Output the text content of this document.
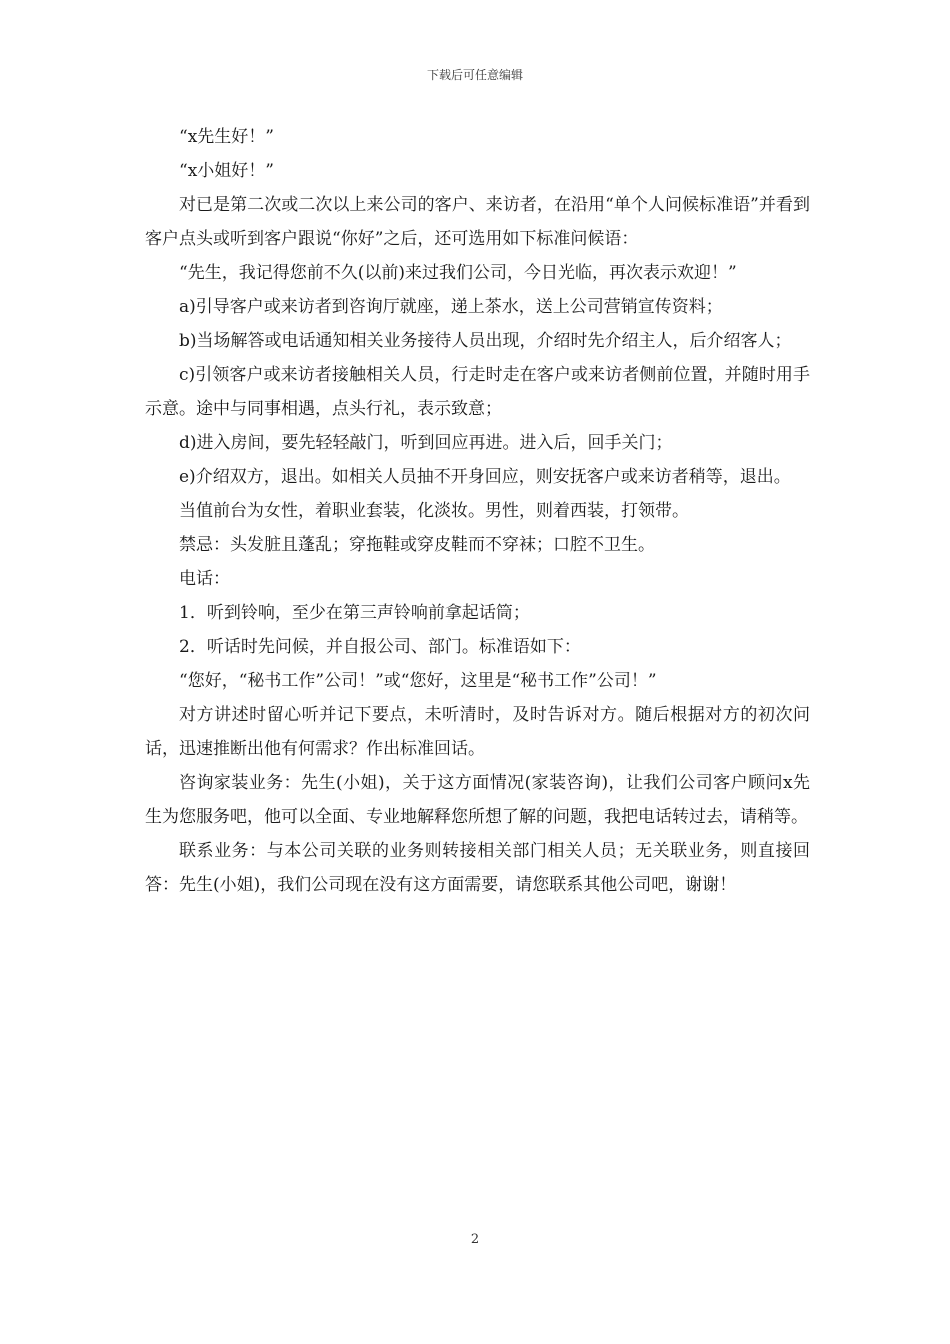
下载后可任意编辑

“x先生好！”

“x小姐好！”

对已是第二次或二次以上来公司的客户、来访者，在沿用“单个人问候标准语”并看到客户点头或听到客户跟说“你好”之后，还可选用如下标准问候语：

“先生，我记得您前不久(以前)来过我们公司，今日光临，再次表示欢迎！”

a)引导客户或来访者到咨询厅就座，递上茶水，送上公司营销宣传资料；

b)当场解答或电话通知相关业务接待人员出现，介绍时先介绍主人，后介绍客人；

c)引领客户或来访者接触相关人员，行走时走在客户或来访者侧前位置，并随时用手示意。途中与同事相遇，点头行礼，表示致意；

d)进入房间，要先轻轻敲门，听到回应再进。进入后，回手关门；

e)介绍双方，退出。如相关人员抽不开身回应，则安抚客户或来访者稍等，退出。

当值前台为女性，着职业套装，化淡妆。男性，则着西装，打领带。

禁忌：头发脏且蓬乱；穿拖鞋或穿皮鞋而不穿袜；口腔不卫生。

电话：

1．听到铃响，至少在第三声铃响前拿起话筒；

2．听话时先问候，并自报公司、部门。标准语如下：

“您好，“秘书工作”公司！”或“您好，这里是“秘书工作”公司！”

对方讲述时留心听并记下要点，未听清时，及时告诉对方。随后根据对方的初次问话，迅速推断出他有何需求？作出标准回话。

咨询家装业务：先生(小姐)，关于这方面情况(家装咨询)，让我们公司客户顾问x先生为您服务吧，他可以全面、专业地解释您所想了解的问题，我把电话转过去，请稍等。

联系业务：与本公司关联的业务则转接相关部门相关人员；无关联业务，则直接回答：先生(小姐)，我们公司现在没有这方面需要，请您联系其他公司吧，谢谢！

2
